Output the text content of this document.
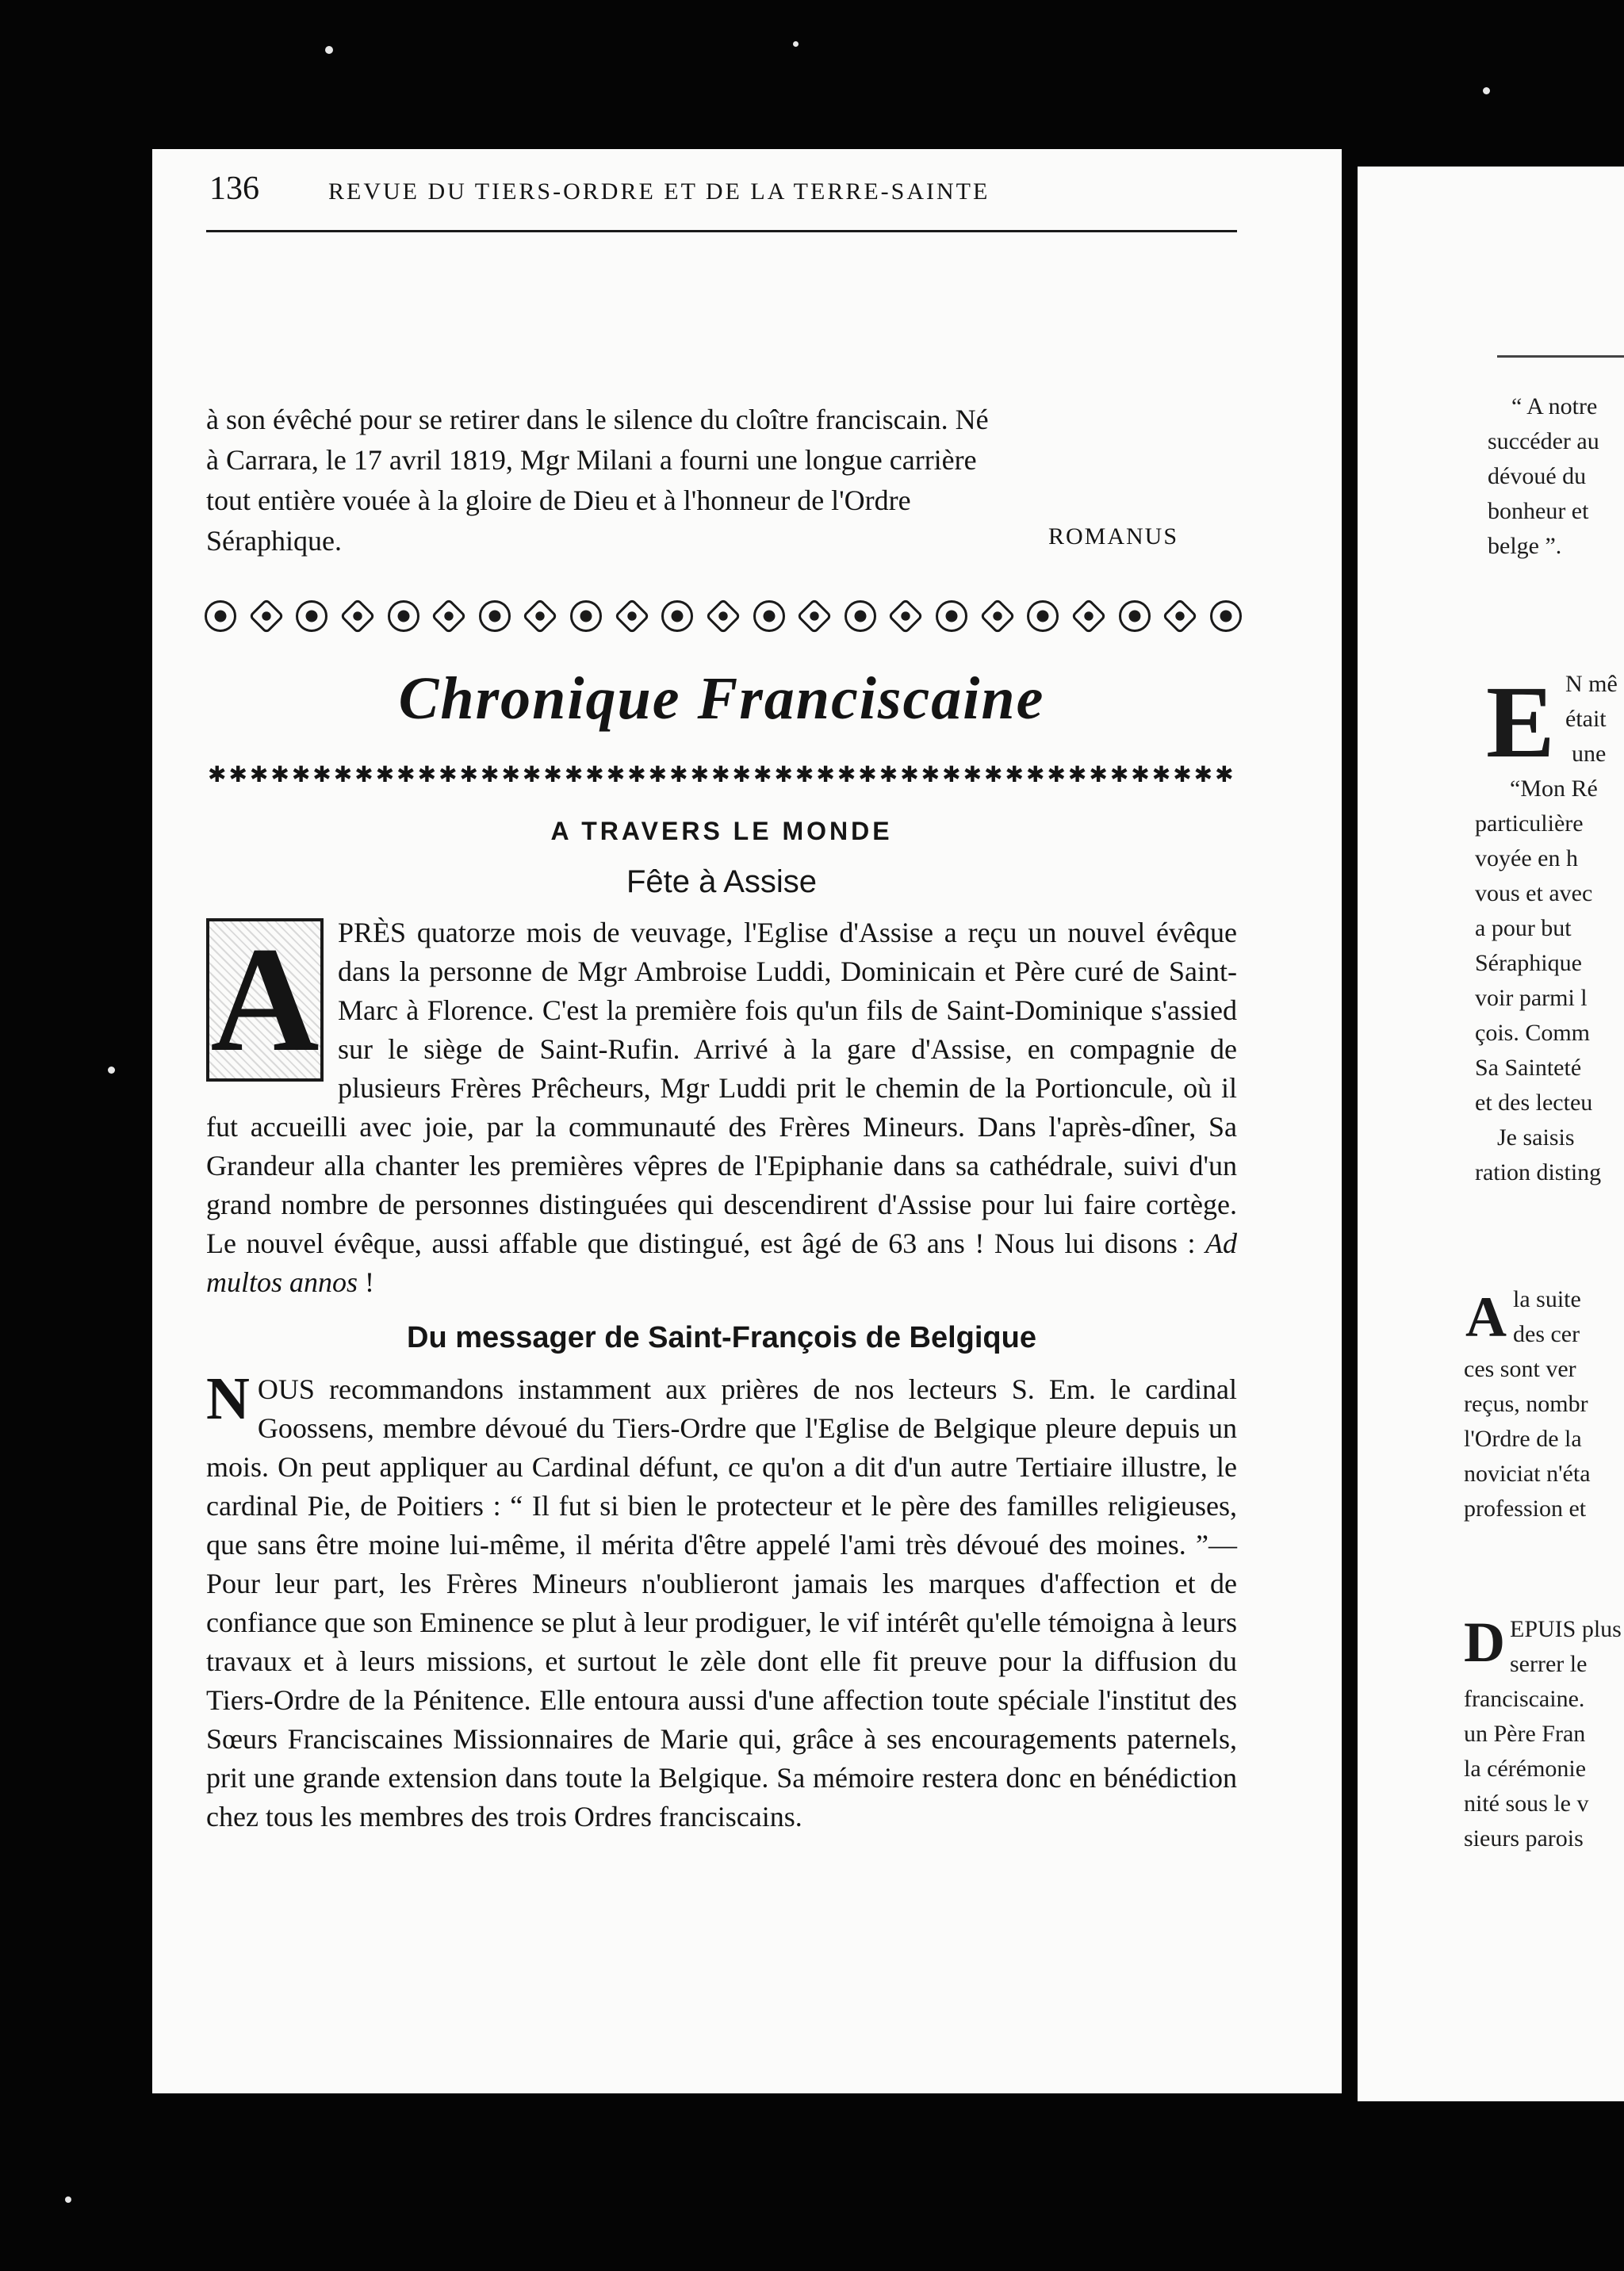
136	REVUE DU TIERS-ORDRE ET DE LA TERRE-SAINTE

à son évêché pour se retirer dans le silence du cloître franciscain. Né

à Carrara, le 17 avril 1819, Mgr Milani a fourni une longue carrière

tout entière vouée à la gloire de Dieu et à l'honneur de l'Ordre

Séraphique.	ROMANUS
Chronique Franciscaine
✱✱✱✱✱✱✱✱✱✱✱✱✱✱✱✱✱✱✱✱✱✱✱✱✱✱✱✱✱✱✱✱✱✱✱✱✱✱✱✱✱✱✱✱✱✱✱✱✱
A TRAVERS LE MONDE
Fête à Assise
A PRÈS quatorze mois de veuvage, l'Eglise d'Assise a reçu un nouvel évêque dans la personne de Mgr Ambroise Luddi, Dominicain et Père curé de Saint-Marc à Florence. C'est la première fois qu'un fils de Saint-Dominique s'assied sur le siège de Saint-Rufin. Arrivé à la gare d'Assise, en compagnie de plusieurs Frères Prêcheurs, Mgr Luddi prit le chemin de la Portioncule, où il fut accueilli avec joie, par la communauté des Frères Mineurs. Dans l'après-dîner, Sa Grandeur alla chanter les premières vêpres de l'Epiphanie dans sa cathédrale, suivi d'un grand nombre de personnes distinguées qui descendirent d'Assise pour lui faire cortège. Le nouvel évêque, aussi affable que distingué, est âgé de 63 ans ! Nous lui disons : Ad multos annos !
Du messager de Saint-François de Belgique
N OUS recommandons instamment aux prières de nos lecteurs S. Em. le cardinal Goossens, membre dévoué du Tiers-Ordre que l'Eglise de Belgique pleure depuis un mois. On peut appliquer au Cardinal défunt, ce qu'on a dit d'un autre Tertiaire illustre, le cardinal Pie, de Poitiers : “ Il fut si bien le protecteur et le père des familles religieuses, que sans être moine lui-même, il mérita d'être appelé l'ami très dévoué des moines. ”— Pour leur part, les Frères Mineurs n'oublieront jamais les marques d'affection et de confiance que son Eminence se plut à leur prodiguer, le vif intérêt qu'elle témoigna à leurs travaux et à leurs missions, et surtout le zèle dont elle fit preuve pour la diffusion du Tiers-Ordre de la Pénitence. Elle entoura aussi d'une affection toute spéciale l'institut des Sœurs Franciscaines Missionnaires de Marie qui, grâce à ses encouragements paternels, prit une grande extension dans toute la Belgique. Sa mémoire restera donc en bénédiction chez tous les membres des trois Ordres franciscains.
“ A notre
succéder au
dévoué du
bonheur et
belge ”.
E N mê
était
une
“Mon Ré
particulière
voyée en h
vous et avec
a pour but
Séraphique
voir parmi l
çois. Comm
Sa Sainteté
et des lecteu
Je saisis
ration disting
A la suite
des cer
ces sont ver
reçus, nombr
l'Ordre de la
noviciat n'éta
profession et
D EPUIS plus
serrer le
franciscaine.
un Père Fran
la cérémonie
nité sous le v
sieurs parois
